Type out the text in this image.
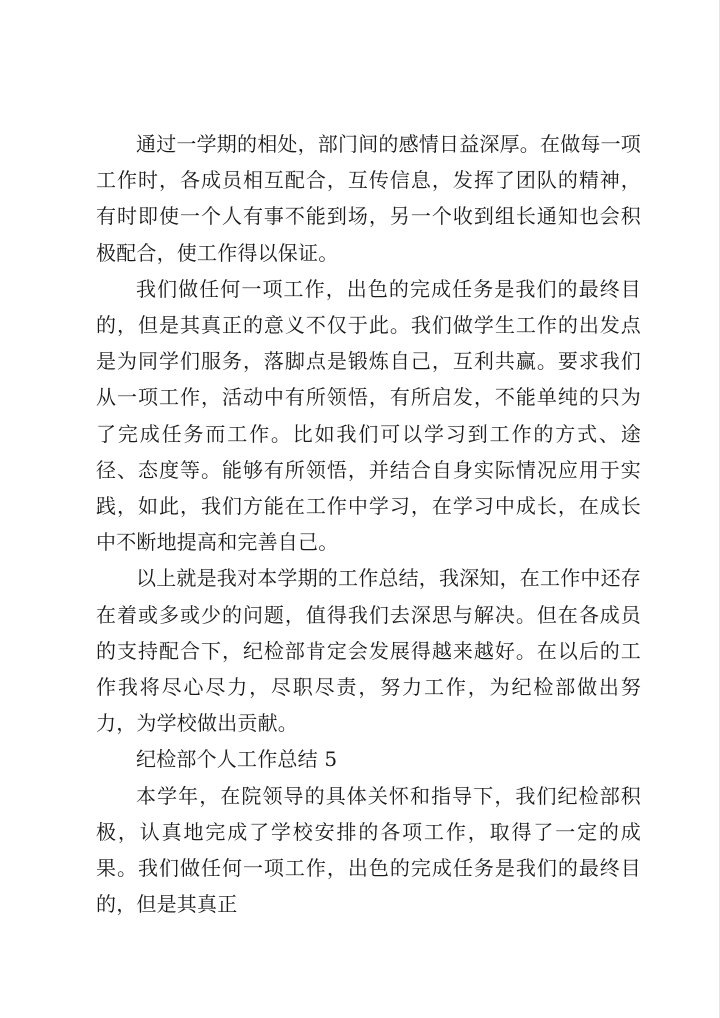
通过一学期的相处，部门间的感情日益深厚。在做每一项工作时，各成员相互配合，互传信息，发挥了团队的精神，有时即使一个人有事不能到场，另一个收到组长通知也会积极配合，使工作得以保证。

我们做任何一项工作，出色的完成任务是我们的最终目的，但是其真正的意义不仅于此。我们做学生工作的出发点是为同学们服务，落脚点是锻炼自己，互利共赢。要求我们从一项工作，活动中有所领悟，有所启发，不能单纯的只为了完成任务而工作。比如我们可以学习到工作的方式、途径、态度等。能够有所领悟，并结合自身实际情况应用于实践，如此，我们方能在工作中学习，在学习中成长，在成长中不断地提高和完善自己。

以上就是我对本学期的工作总结，我深知，在工作中还存在着或多或少的问题，值得我们去深思与解决。但在各成员的支持配合下，纪检部肯定会发展得越来越好。在以后的工作我将尽心尽力，尽职尽责，努力工作，为纪检部做出努力，为学校做出贡献。

纪检部个人工作总结 5

本学年，在院领导的具体关怀和指导下，我们纪检部积极，认真地完成了学校安排的各项工作，取得了一定的成果。我们做任何一项工作，出色的完成任务是我们的最终目的，但是其真正
